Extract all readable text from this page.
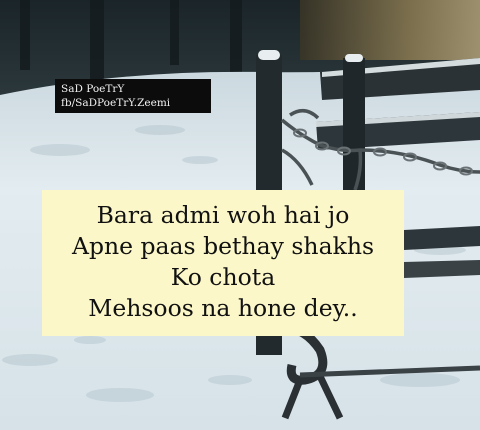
SaD PoeTrY
fb/SaDPoeTrY.Zeemi
Bara admi woh hai jo
Apne paas bethay shakhs
Ko chota
Mehsoos na hone dey..
